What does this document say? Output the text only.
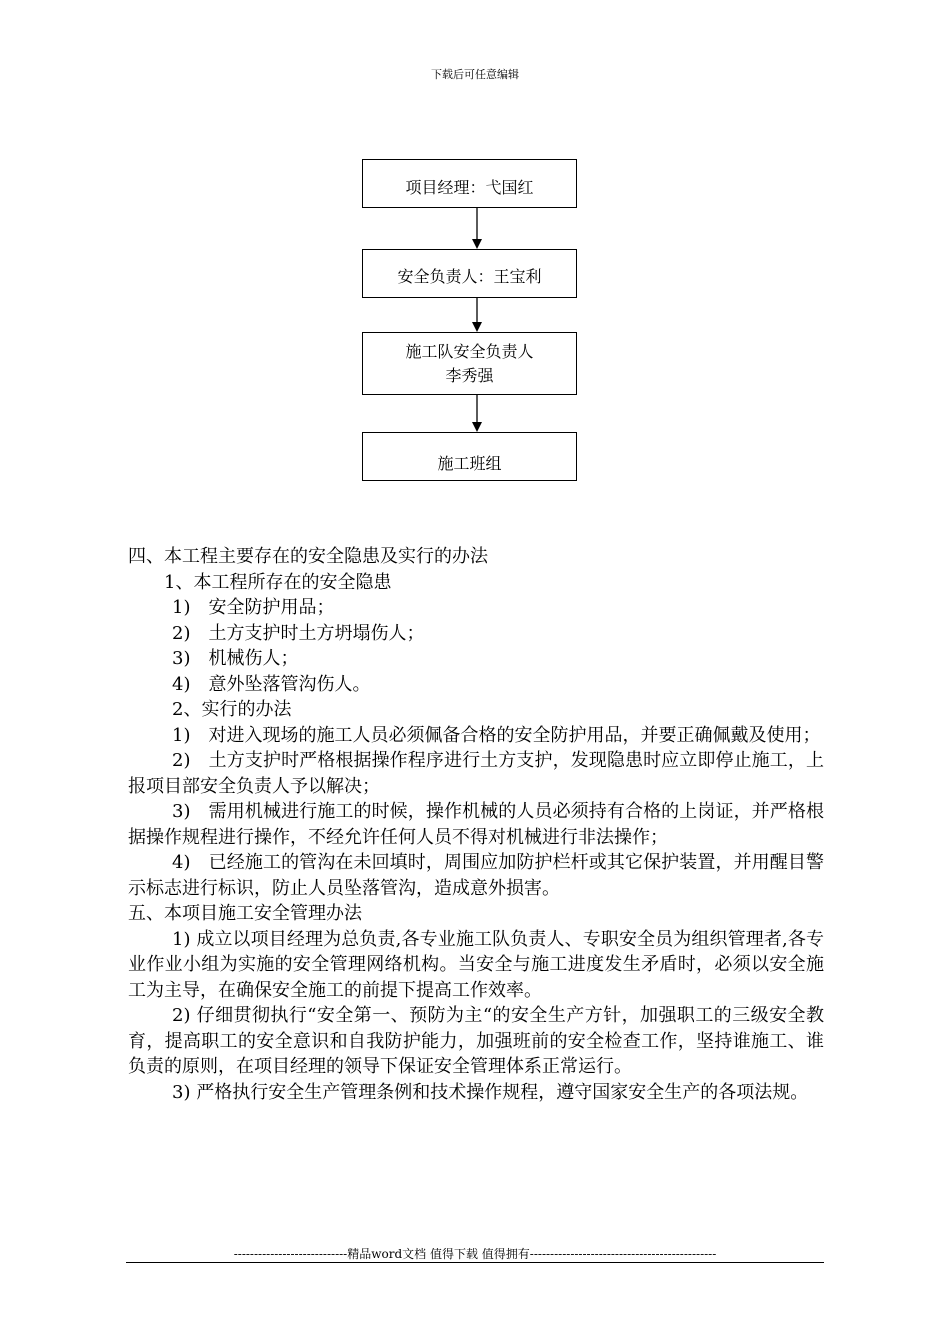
下载后可任意编辑
项目经理：弋国红
安全负责人：王宝利
施工队安全负责人
李秀强
施工班组

四、本工程主要存在的安全隐患及实行的办法

1、本工程所存在的安全隐患

1)　安全防护用品；

2)　土方支护时土方坍塌伤人；

3)　机械伤人；

4)　意外坠落管沟伤人。

2、实行的办法

1)　对进入现场的施工人员必须佩备合格的安全防护用品，并要正确佩戴及使用；

2)　土方支护时严格根据操作程序进行土方支护，发现隐患时应立即停止施工，上报项目部安全负责人予以解决；

3)　需用机械进行施工的时候，操作机械的人员必须持有合格的上岗证，并严格根据操作规程进行操作，不经允许任何人员不得对机械进行非法操作；

4)　已经施工的管沟在未回填时，周围应加防护栏杆或其它保护装置，并用醒目警示标志进行标识，防止人员坠落管沟，造成意外损害。

五、本项目施工安全管理办法

1) 成立以项目经理为总负责,各专业施工队负责人、专职安全员为组织管理者,各专业作业小组为实施的安全管理网络机构。当安全与施工进度发生矛盾时，必须以安全施工为主导，在确保安全施工的前提下提高工作效率。

2) 仔细贯彻执行“安全第一、预防为主“的安全生产方针，加强职工的三级安全教育，提高职工的安全意识和自我防护能力，加强班前的安全检查工作，坚持谁施工、谁负责的原则，在项目经理的领导下保证安全管理体系正常运行。

3) 严格执行安全生产管理条例和技术操作规程，遵守国家安全生产的各项法规。

----------------------------精品word文档 值得下载 值得拥有----------------------------------------------
